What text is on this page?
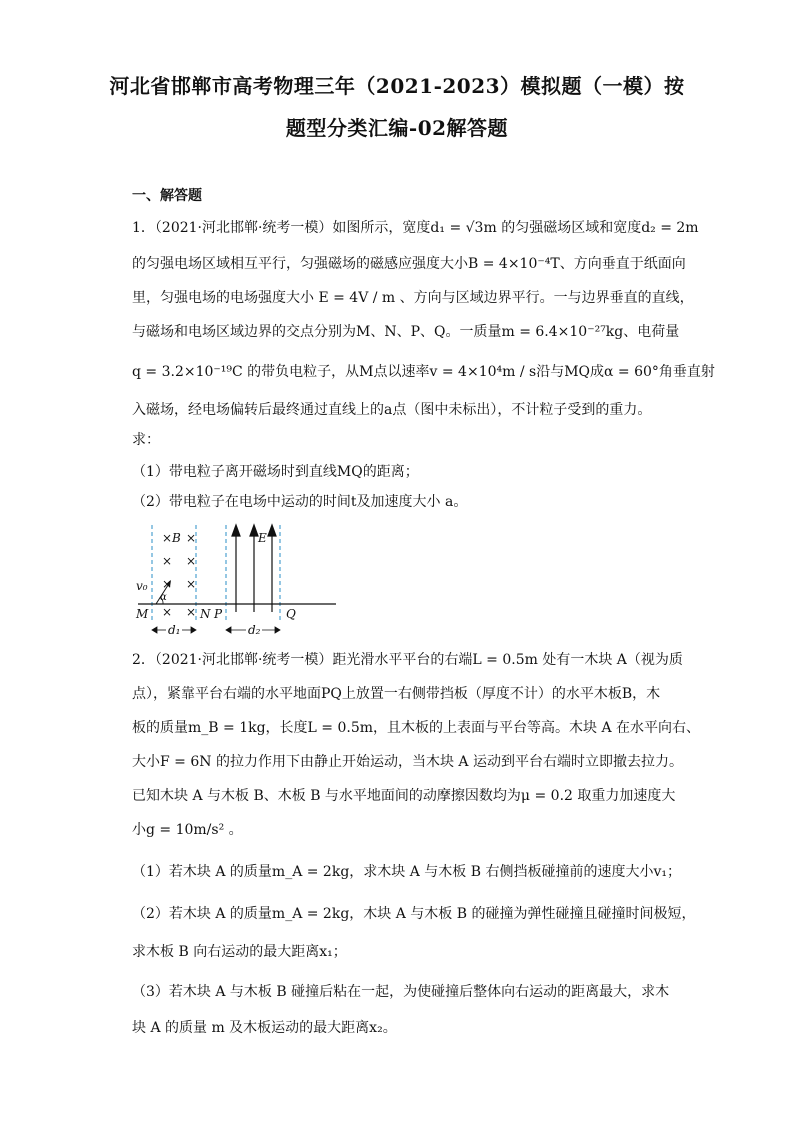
河北省邯郸市高考物理三年（2021-2023）模拟题（一模）按
题型分类汇编-02解答题
一、解答题
1．（2021·河北邯郸·统考一模）如图所示，宽度d₁ = √3m 的匀强磁场区域和宽度d₂ = 2m
的匀强电场区域相互平行，匀强磁场的磁感应强度大小B = 4×10⁻⁴T、方向垂直于纸面向
里，匀强电场的电场强度大小 E = 4V / m 、方向与区域边界平行。一与边界垂直的直线，
与磁场和电场区域边界的交点分别为M、N、P、Q。一质量m = 6.4×10⁻²⁷kg、电荷量
q = 3.2×10⁻¹⁹C 的带负电粒子，从M点以速率v = 4×10⁴m / s沿与MQ成α = 60°角垂直射
入磁场，经电场偏转后最终通过直线上的a点（图中未标出），不计粒子受到的重力。
求：
（1）带电粒子离开磁场时到直线MQ的距离；
（2）带电粒子在电场中运动的时间t及加速度大小 a。
×B ×
× ×
× ×
× ×
E
v₀
α
M	N P	Q
d₁	d₂
2．（2021·河北邯郸·统考一模）距光滑水平平台的右端L = 0.5m 处有一木块 A（视为质
点），紧靠平台右端的水平地面PQ上放置一右侧带挡板（厚度不计）的水平木板B，木
板的质量m_B = 1kg，长度L = 0.5m，且木板的上表面与平台等高。木块 A 在水平向右、
大小F = 6N 的拉力作用下由静止开始运动，当木块 A 运动到平台右端时立即撤去拉力。
已知木块 A 与木板 B、木板 B 与水平地面间的动摩擦因数均为μ = 0.2 取重力加速度大
小g = 10m/s² 。
（1）若木块 A 的质量m_A = 2kg，求木块 A 与木板 B 右侧挡板碰撞前的速度大小v₁；
（2）若木块 A 的质量m_A = 2kg，木块 A 与木板 B 的碰撞为弹性碰撞且碰撞时间极短，
求木板 B 向右运动的最大距离x₁；
（3）若木块 A 与木板 B 碰撞后粘在一起，为使碰撞后整体向右运动的距离最大，求木
块 A 的质量 m 及木板运动的最大距离x₂。
